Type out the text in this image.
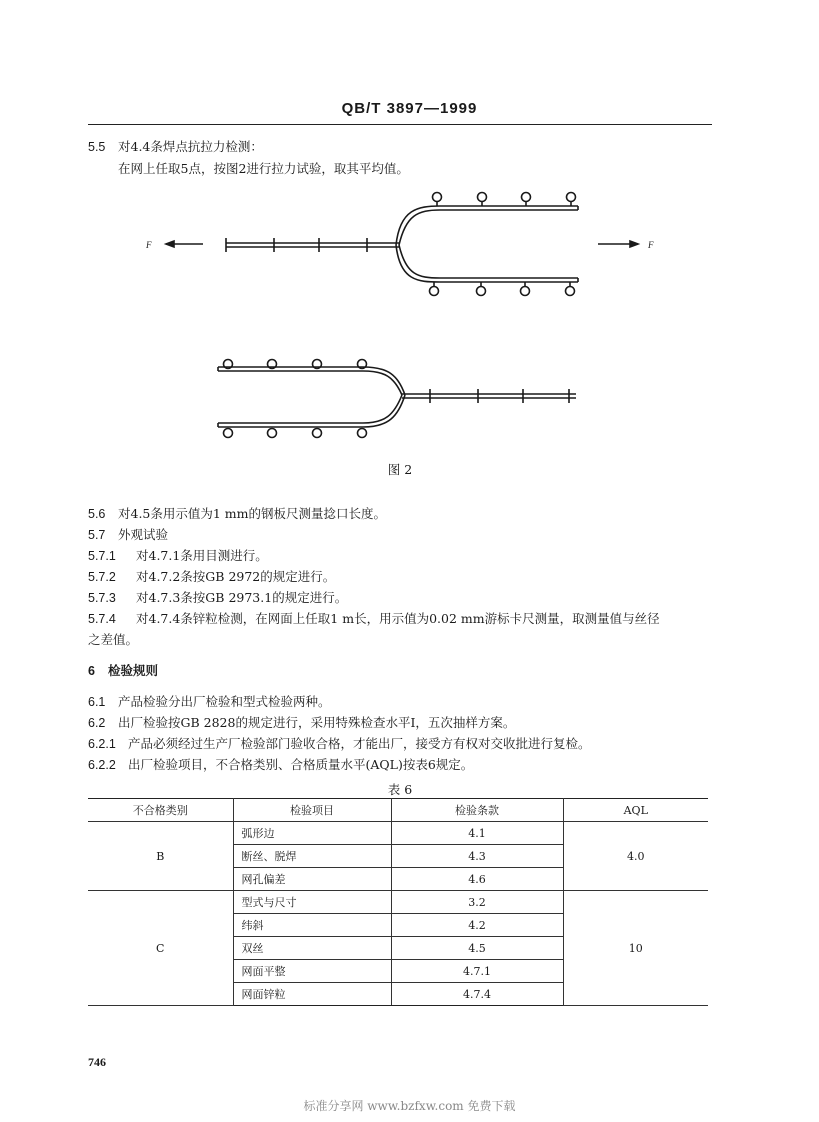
QB/T 3897—1999
5.5 对4.4条焊点抗拉力检测：
在网上任取5点，按图2进行拉力试验，取其平均值。
F	F
图 2
5.6 对4.5条用示值为1 mm的钢板尺测量捻口长度。
5.7 外观试验
5.7.1 对4.7.1条用目测进行。
5.7.2 对4.7.2条按GB 2972的规定进行。
5.7.3 对4.7.3条按GB 2973.1的规定进行。
5.7.4 对4.7.4条锌粒检测，在网面上任取1 m长，用示值为0.02 mm游标卡尺测量，取测量值与丝径
之差值。
6 检验规则
6.1 产品检验分出厂检验和型式检验两种。
6.2 出厂检验按GB 2828的规定进行，采用特殊检查水平Ⅰ，五次抽样方案。
6.2.1 产品必须经过生产厂检验部门验收合格，才能出厂，接受方有权对交收批进行复检。
6.2.2 出厂检验项目，不合格类别、合格质量水平(AQL)按表6规定。
表 6
不合格类别	检验项目	检验条款	AQL
B	弧形边	4.1	4.0
	断丝、脱焊	4.3	
	网孔偏差	4.6	
C	型式与尺寸	3.2	10
	纬斜	4.2	
	双丝	4.5	
	网面平整	4.7.1	
	网面锌粒	4.7.4	
746
标准分享网 www.bzfxw.com 免费下载
